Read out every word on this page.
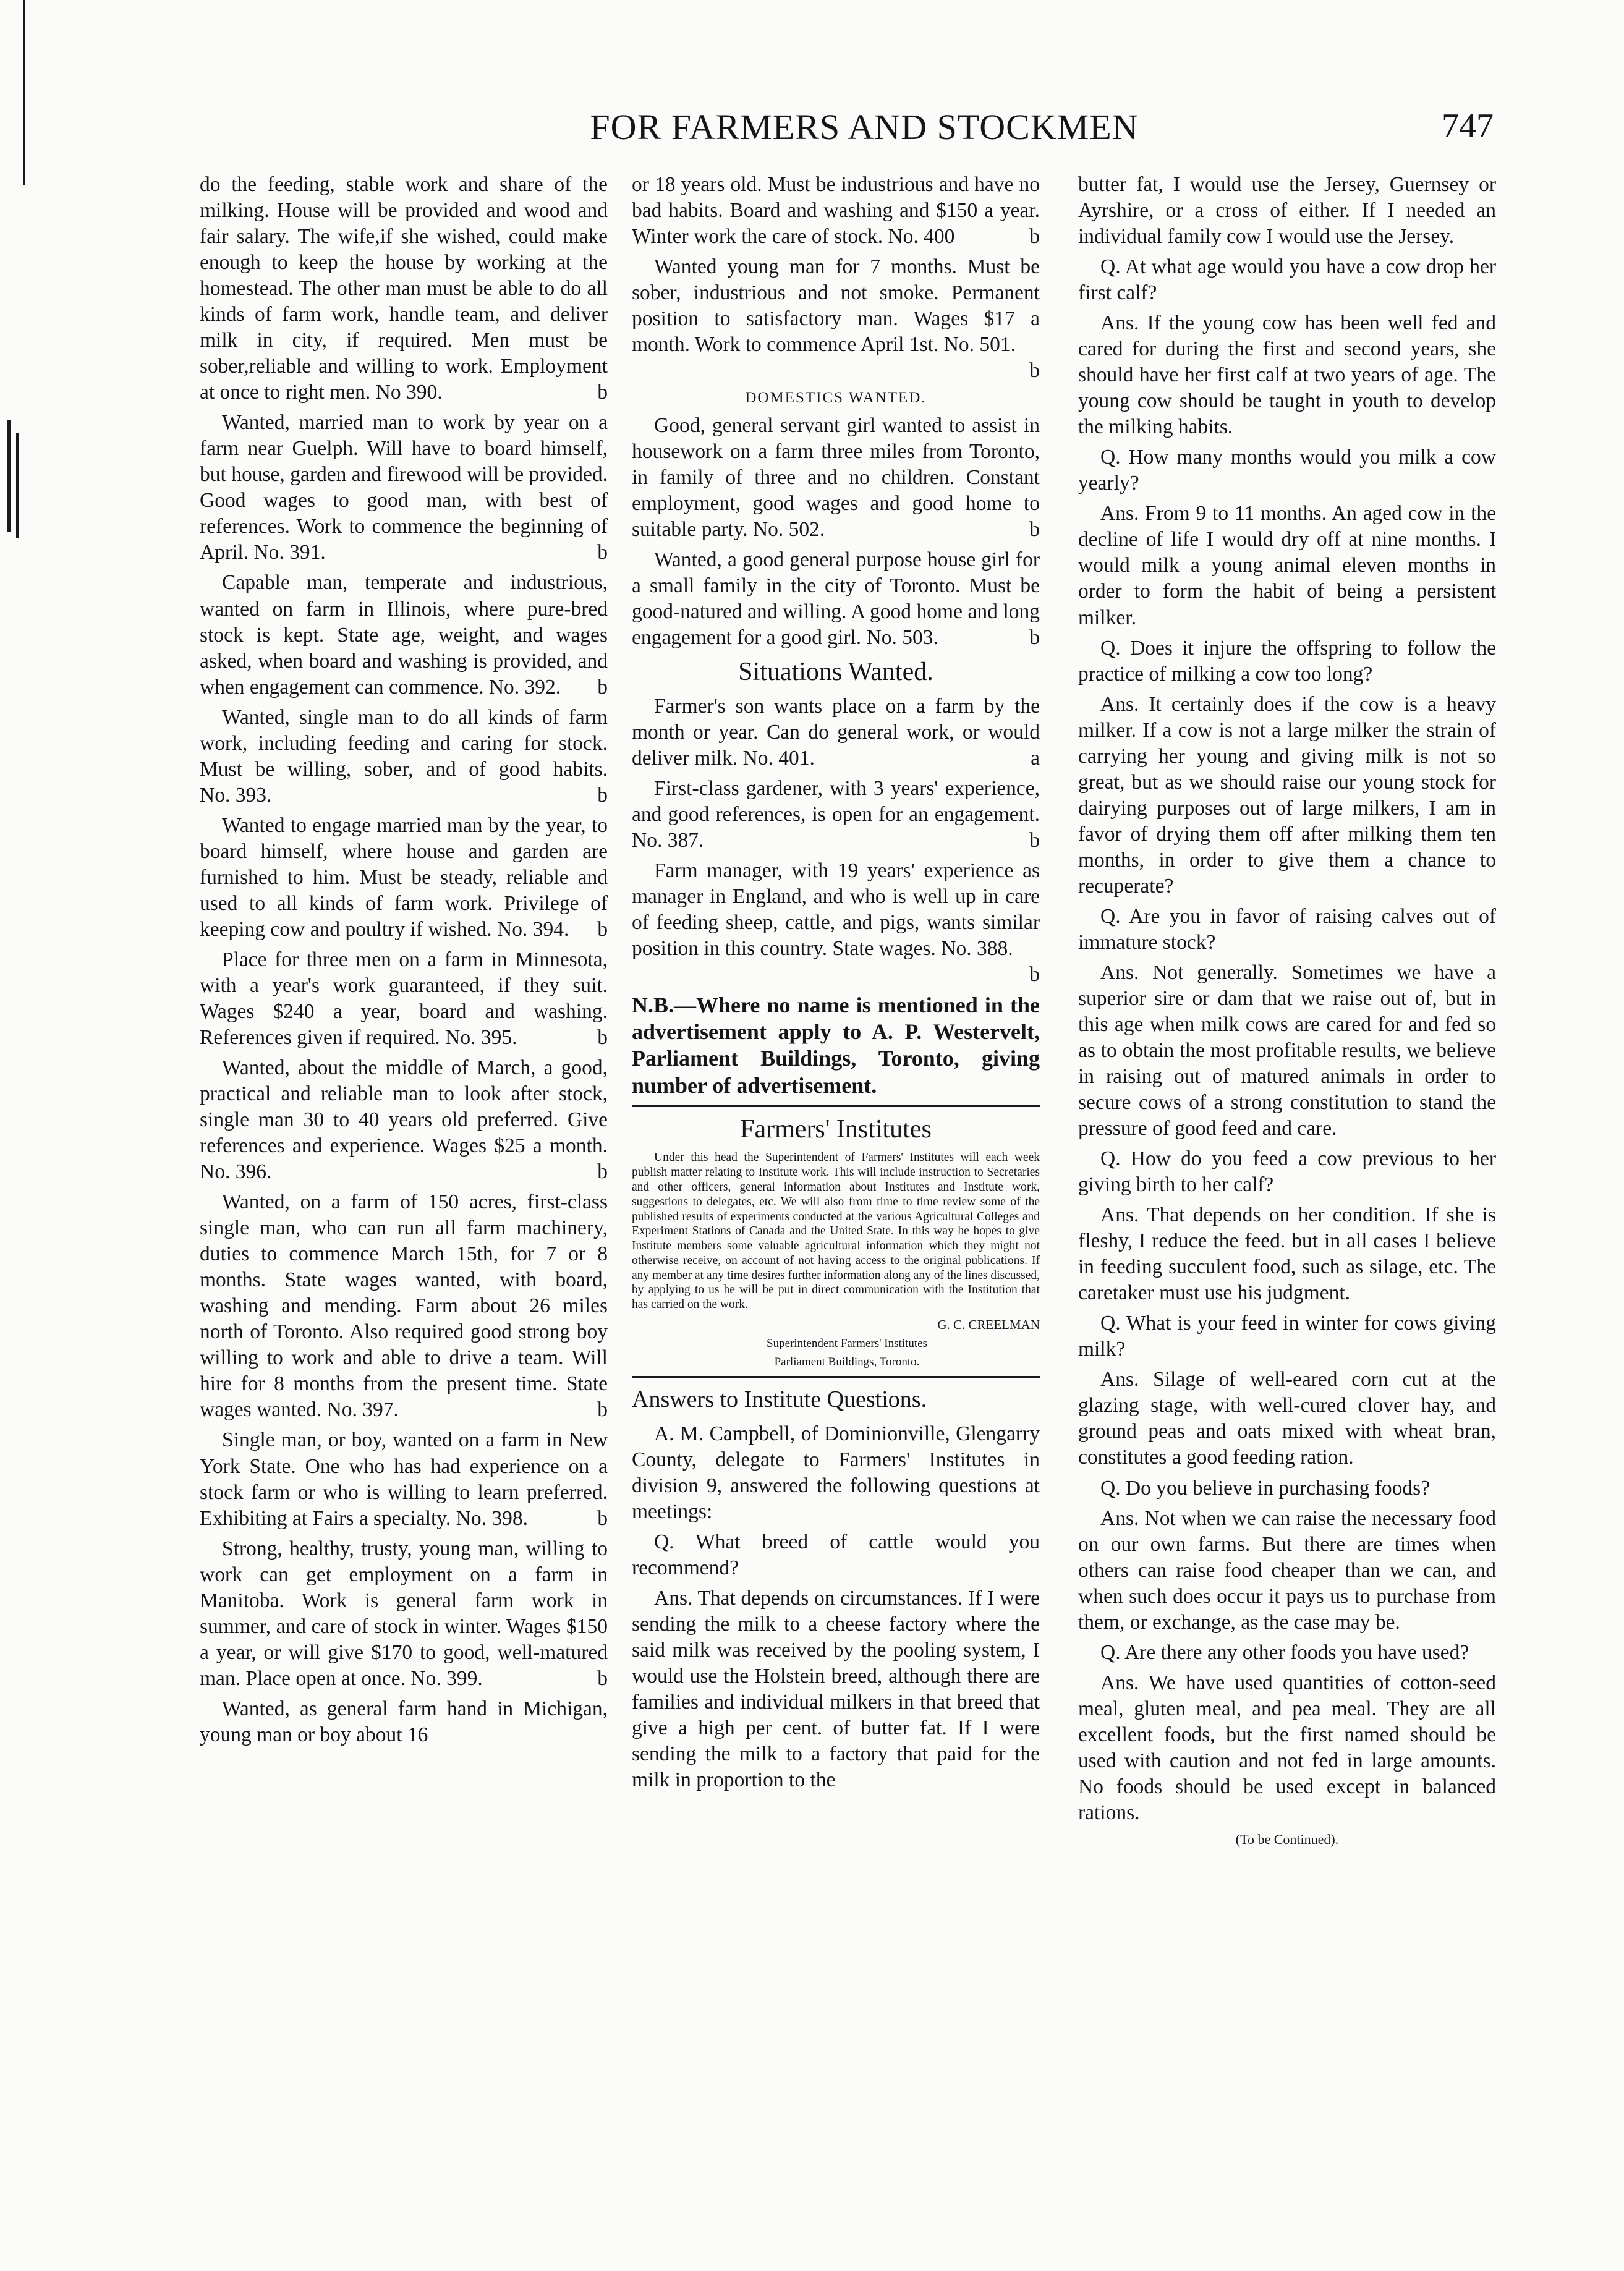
FOR FARMERS AND STOCKMEN	747

do the feeding, stable work and share of the milking. House will be provided and wood and fair salary. The wife,if she wished, could make enough to keep the house by working at the homestead. The other man must be able to do all kinds of farm work, handle team, and deliver milk in city, if required. Men must be sober,reliable and willing to work. Employment at once to right men. No 390.	b

Wanted, married man to work by year on a farm near Guelph. Will have to board himself, but house, garden and firewood will be provided. Good wages to good man, with best of references. Work to commence the beginning of April. No. 391.	b

Capable man, temperate and industrious, wanted on farm in Illinois, where pure-bred stock is kept. State age, weight, and wages asked, when board and washing is provided, and when engagement can commence. No. 392.	b

Wanted, single man to do all kinds of farm work, including feeding and caring for stock. Must be willing, sober, and of good habits. No. 393.	b

Wanted to engage married man by the year, to board himself, where house and garden are furnished to him. Must be steady, reliable and used to all kinds of farm work. Privilege of keeping cow and poultry if wished. No. 394.	b

Place for three men on a farm in Minnesota, with a year's work guaranteed, if they suit. Wages $240 a year, board and washing. References given if required. No. 395.	b

Wanted, about the middle of March, a good, practical and reliable man to look after stock, single man 30 to 40 years old preferred. Give references and experience. Wages $25 a month. No. 396.	b

Wanted, on a farm of 150 acres, first-class single man, who can run all farm machinery, duties to commence March 15th, for 7 or 8 months. State wages wanted, with board, washing and mending. Farm about 26 miles north of Toronto. Also required good strong boy willing to work and able to drive a team. Will hire for 8 months from the present time. State wages wanted. No. 397.	b

Single man, or boy, wanted on a farm in New York State. One who has had experience on a stock farm or who is willing to learn preferred. Exhibiting at Fairs a specialty. No. 398.	b

Strong, healthy, trusty, young man, willing to work can get employment on a farm in Manitoba. Work is general farm work in summer, and care of stock in winter. Wages $150 a year, or will give $170 to good, well-matured man. Place open at once. No. 399.	b

Wanted, as general farm hand in Michigan, young man or boy about 16

or 18 years old. Must be industrious and have no bad habits. Board and washing and $150 a year. Winter work the care of stock. No. 400	b

Wanted young man for 7 months. Must be sober, industrious and not smoke. Permanent position to satisfactory man. Wages $17 a month. Work to commence April 1st. No. 501.
b

DOMESTICS WANTED.

Good, general servant girl wanted to assist in housework on a farm three miles from Toronto, in family of three and no children. Constant employment, good wages and good home to suitable party. No. 502.	b

Wanted, a good general purpose house girl for a small family in the city of Toronto. Must be good-natured and willing. A good home and long engagement for a good girl. No. 503.	b

Situations Wanted.

Farmer's son wants place on a farm by the month or year. Can do general work, or would deliver milk. No. 401.	a

First-class gardener, with 3 years' experience, and good references, is open for an engagement. No. 387.	b

Farm manager, with 19 years' experience as manager in England, and who is well up in care of feeding sheep, cattle, and pigs, wants similar position in this country. State wages. No. 388.
b

N.B.—Where no name is mentioned in the advertisement apply to A. P. Westervelt, Parliament Buildings, Toronto, giving number of advertisement.

Farmers' Institutes

Under this head the Superintendent of Farmers' Institutes will each week publish matter relating to Institute work. This will include instruction to Secretaries and other officers, general information about Institutes and Institute work, suggestions to delegates, etc. We will also from time to time review some of the published results of experiments conducted at the various Agricultural Colleges and Experiment Stations of Canada and the United State. In this way he hopes to give Institute members some valuable agricultural information which they might not otherwise receive, on account of not having access to the original publications. If any member at any time desires further information along any of the lines discussed, by applying to us he will be put in direct communication with the Institution that has carried on the work.

G. C. CREELMAN

Superintendent Farmers' Institutes

Parliament Buildings, Toronto.

Answers to Institute Questions.

A. M. Campbell, of Dominionville, Glengarry County, delegate to Farmers' Institutes in division 9, answered the following questions at meetings:

Q. What breed of cattle would you recommend?

Ans. That depends on circumstances. If I were sending the milk to a cheese factory where the said milk was received by the pooling system, I would use the Holstein breed, although there are families and individual milkers in that breed that give a high per cent. of butter fat. If I were sending the milk to a factory that paid for the milk in proportion to the

butter fat, I would use the Jersey, Guernsey or Ayrshire, or a cross of either. If I needed an individual family cow I would use the Jersey.

Q. At what age would you have a cow drop her first calf?

Ans. If the young cow has been well fed and cared for during the first and second years, she should have her first calf at two years of age. The young cow should be taught in youth to develop the milking habits.

Q. How many months would you milk a cow yearly?

Ans. From 9 to 11 months. An aged cow in the decline of life I would dry off at nine months. I would milk a young animal eleven months in order to form the habit of being a persistent milker.

Q. Does it injure the offspring to follow the practice of milking a cow too long?

Ans. It certainly does if the cow is a heavy milker. If a cow is not a large milker the strain of carrying her young and giving milk is not so great, but as we should raise our young stock for dairying purposes out of large milkers, I am in favor of drying them off after milking them ten months, in order to give them a chance to recuperate?

Q. Are you in favor of raising calves out of immature stock?

Ans. Not generally. Sometimes we have a superior sire or dam that we raise out of, but in this age when milk cows are cared for and fed so as to obtain the most profitable results, we believe in raising out of matured animals in order to secure cows of a strong constitution to stand the pressure of good feed and care.

Q. How do you feed a cow previous to her giving birth to her calf?

Ans. That depends on her condition. If she is fleshy, I reduce the feed. but in all cases I believe in feeding succulent food, such as silage, etc. The caretaker must use his judgment.

Q. What is your feed in winter for cows giving milk?

Ans. Silage of well-eared corn cut at the glazing stage, with well-cured clover hay, and ground peas and oats mixed with wheat bran, constitutes a good feeding ration.

Q. Do you believe in purchasing foods?

Ans. Not when we can raise the necessary food on our own farms. But there are times when others can raise food cheaper than we can, and when such does occur it pays us to purchase from them, or exchange, as the case may be.

Q. Are there any other foods you have used?

Ans. We have used quantities of cotton-seed meal, gluten meal, and pea meal. They are all excellent foods, but the first named should be used with caution and not fed in large amounts. No foods should be used except in balanced rations.

(To be Continued).
